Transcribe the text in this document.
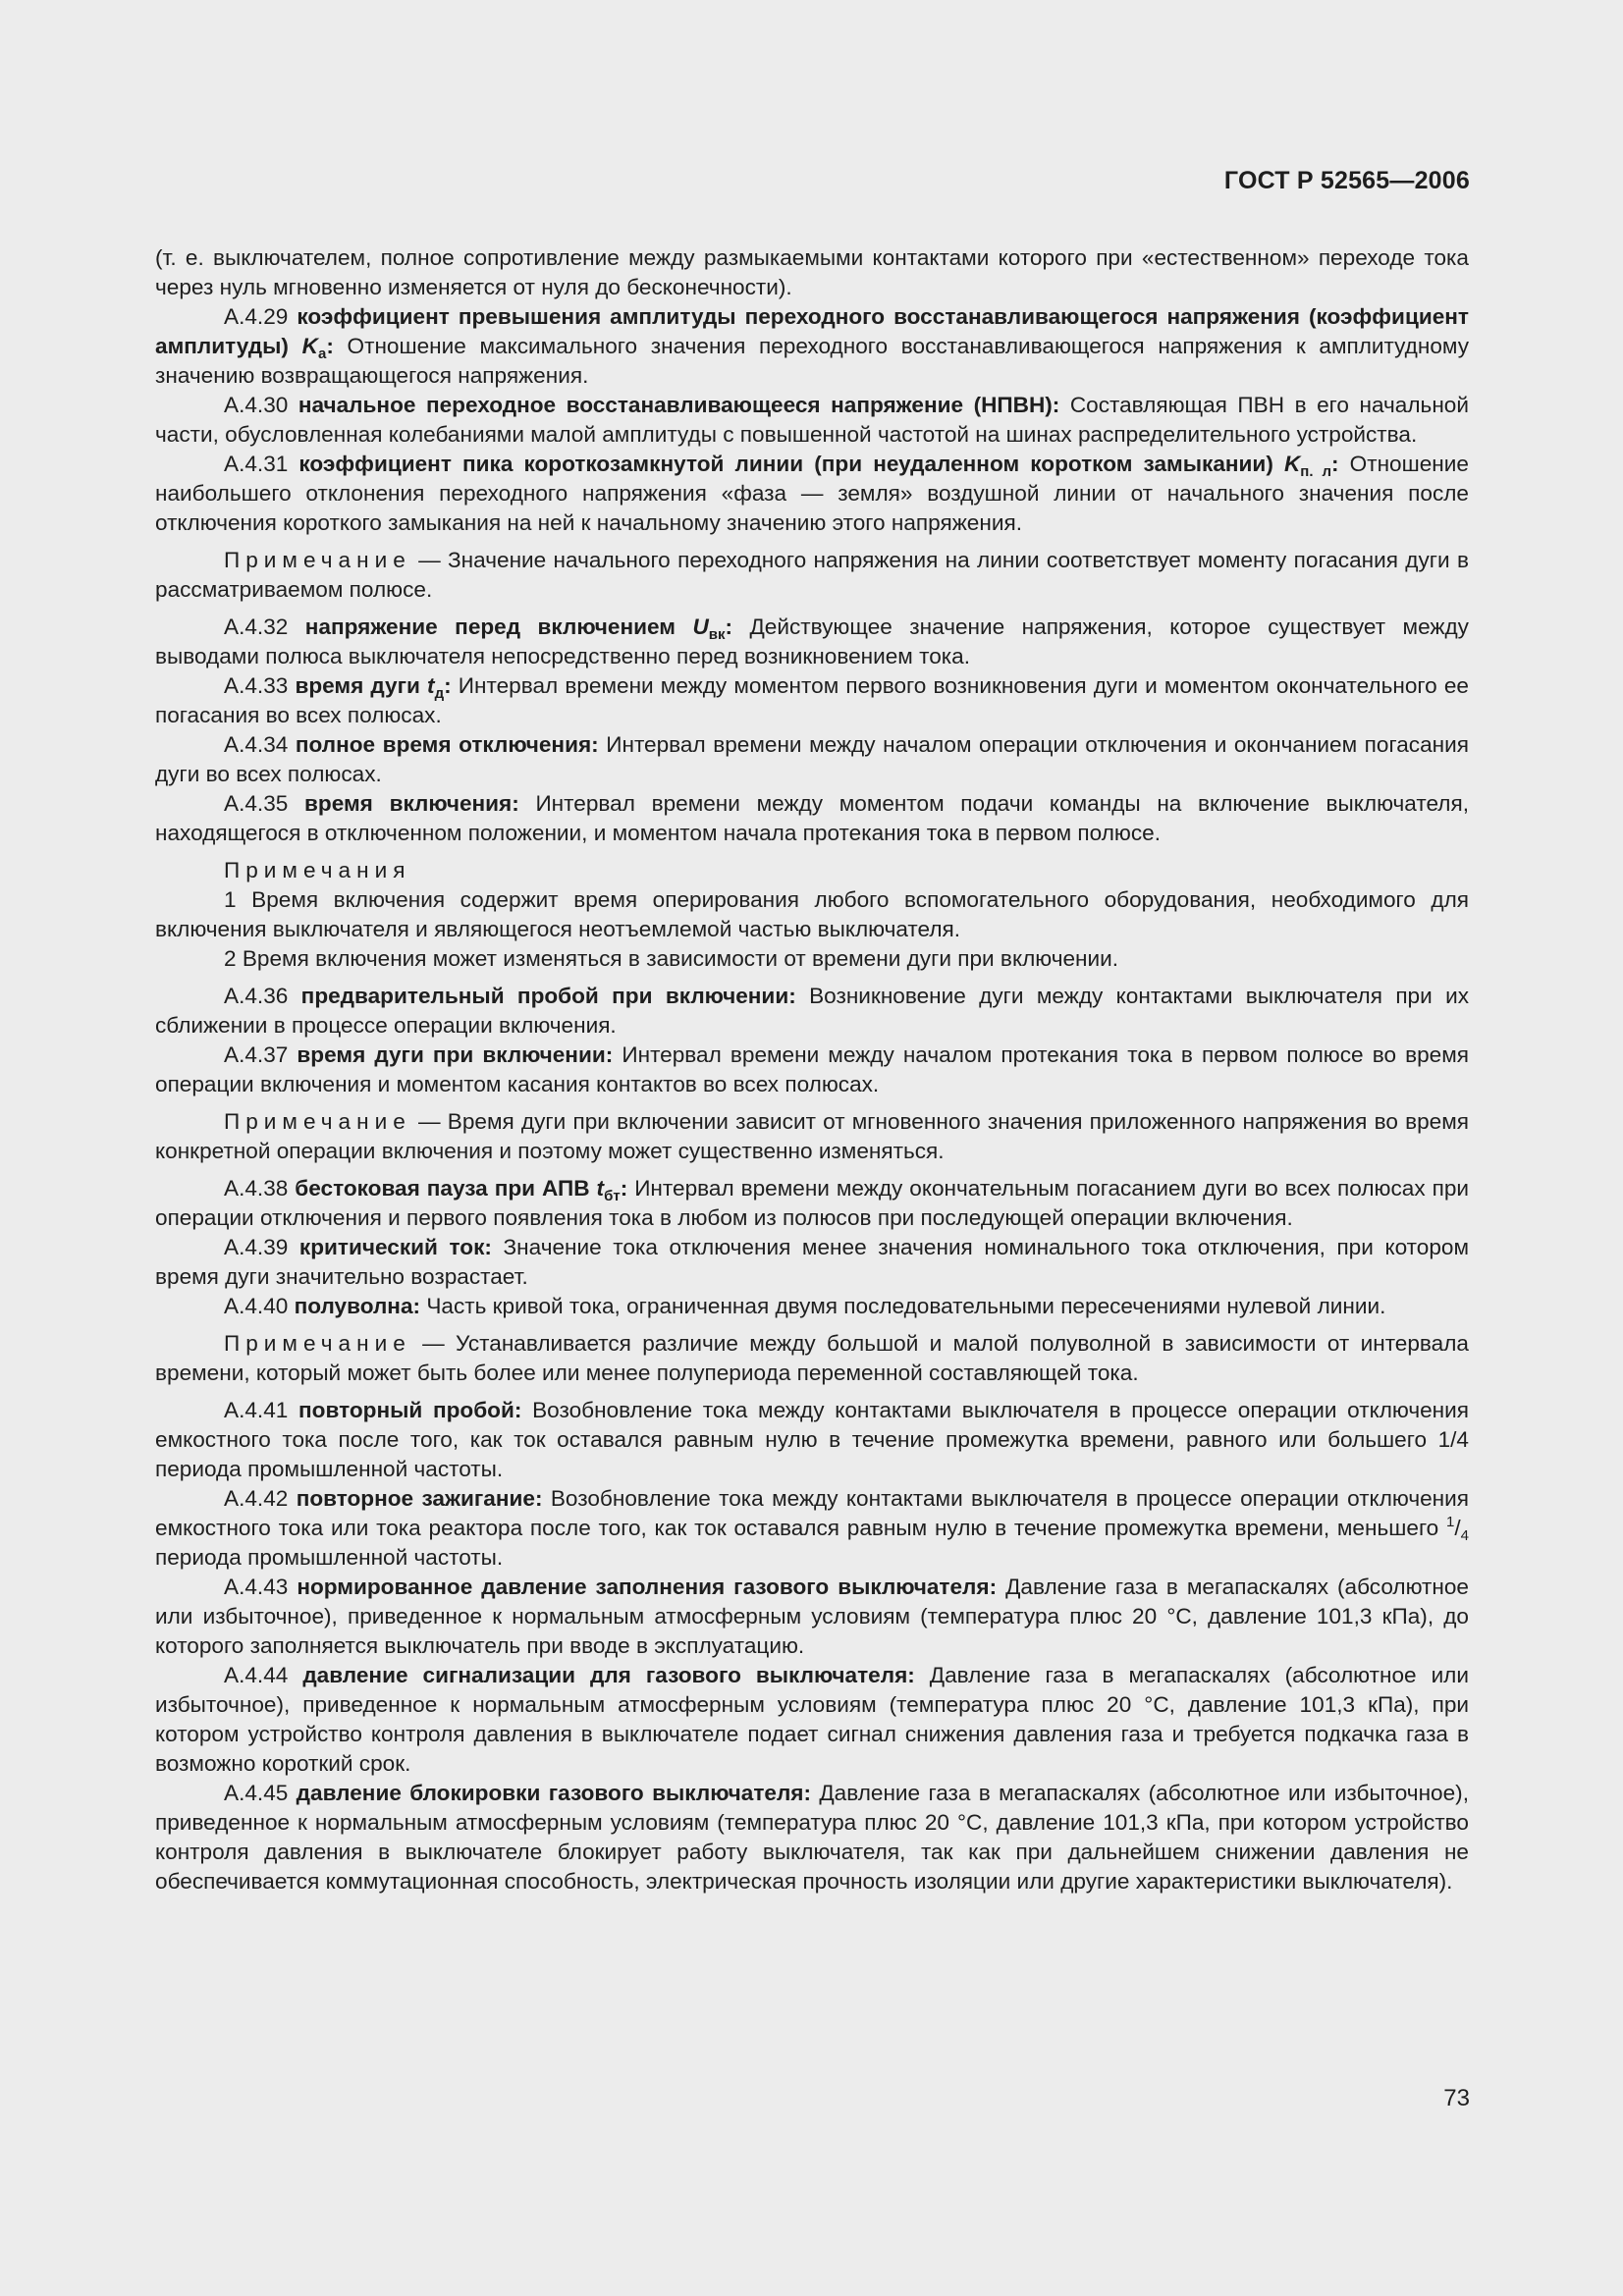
ГОСТ Р 52565—2006

(т. е. выключателем, полное сопротивление между размыкаемыми контактами которого при «естественном» переходе тока через нуль мгновенно изменяется от нуля до бесконечности).

А.4.29 коэффициент превышения амплитуды переходного восстанавливающегося напряжения (коэффициент амплитуды) $K_а$: Отношение максимального значения переходного восстанавливающегося напряжения к амплитудному значению возвращающегося напряжения.

А.4.30 начальное переходное восстанавливающееся напряжение (НПВН): Составляющая ПВН в его начальной части, обусловленная колебаниями малой амплитуды с повышенной частотой на шинах распределительного устройства.

А.4.31 коэффициент пика короткозамкнутой линии (при неудаленном коротком замыкании) $K_{п. л}$: Отношение наибольшего отклонения переходного напряжения «фаза — земля» воздушной линии от начального значения после отключения короткого замыкания на ней к начальному значению этого напряжения.

Примечание — Значение начального переходного напряжения на линии соответствует моменту погасания дуги в рассматриваемом полюсе.

А.4.32 напряжение перед включением $U_{вк}$: Действующее значение напряжения, которое существует между выводами полюса выключателя непосредственно перед возникновением тока.

А.4.33 время дуги $t_д$: Интервал времени между моментом первого возникновения дуги и моментом окончательного ее погасания во всех полюсах.

А.4.34 полное время отключения: Интервал времени между началом операции отключения и окончанием погасания дуги во всех полюсах.

А.4.35 время включения: Интервал времени между моментом подачи команды на включение выключателя, находящегося в отключенном положении, и моментом начала протекания тока в первом полюсе.

Примечания

1 Время включения содержит время оперирования любого вспомогательного оборудования, необходимого для включения выключателя и являющегося неотъемлемой частью выключателя.

2 Время включения может изменяться в зависимости от времени дуги при включении.

А.4.36 предварительный пробой при включении: Возникновение дуги между контактами выключателя при их сближении в процессе операции включения.

А.4.37 время дуги при включении: Интервал времени между началом протекания тока в первом полюсе во время операции включения и моментом касания контактов во всех полюсах.

Примечание — Время дуги при включении зависит от мгновенного значения приложенного напряжения во время конкретной операции включения и поэтому может существенно изменяться.

А.4.38 бестоковая пауза при АПВ $t_{бт}$: Интервал времени между окончательным погасанием дуги во всех полюсах при операции отключения и первого появления тока в любом из полюсов при последующей операции включения.

А.4.39 критический ток: Значение тока отключения менее значения номинального тока отключения, при котором время дуги значительно возрастает.

А.4.40 полуволна: Часть кривой тока, ограниченная двумя последовательными пересечениями нулевой линии.

Примечание — Устанавливается различие между большой и малой полуволной в зависимости от интервала времени, который может быть более или менее полупериода переменной составляющей тока.

А.4.41 повторный пробой: Возобновление тока между контактами выключателя в процессе операции отключения емкостного тока после того, как ток оставался равным нулю в течение промежутка времени, равного или большего 1/4 периода промышленной частоты.

А.4.42 повторное зажигание: Возобновление тока между контактами выключателя в процессе операции отключения емкостного тока или тока реактора после того, как ток оставался равным нулю в течение промежутка времени, меньшего $^1/_4$ периода промышленной частоты.

А.4.43 нормированное давление заполнения газового выключателя: Давление газа в мегапаскалях (абсолютное или избыточное), приведенное к нормальным атмосферным условиям (температура плюс 20 °С, давление 101,3 кПа), до которого заполняется выключатель при вводе в эксплуатацию.

А.4.44 давление сигнализации для газового выключателя: Давление газа в мегапаскалях (абсолютное или избыточное), приведенное к нормальным атмосферным условиям (температура плюс 20 °С, давление 101,3 кПа), при котором устройство контроля давления в выключателе подает сигнал снижения давления газа и требуется подкачка газа в возможно короткий срок.

А.4.45 давление блокировки газового выключателя: Давление газа в мегапаскалях (абсолютное или избыточное), приведенное к нормальным атмосферным условиям (температура плюс 20 °С, давление 101,3 кПа, при котором устройство контроля давления в выключателе блокирует работу выключателя, так как при дальнейшем снижении давления не обеспечивается коммутационная способность, электрическая прочность изоляции или другие характеристики выключателя).

73
